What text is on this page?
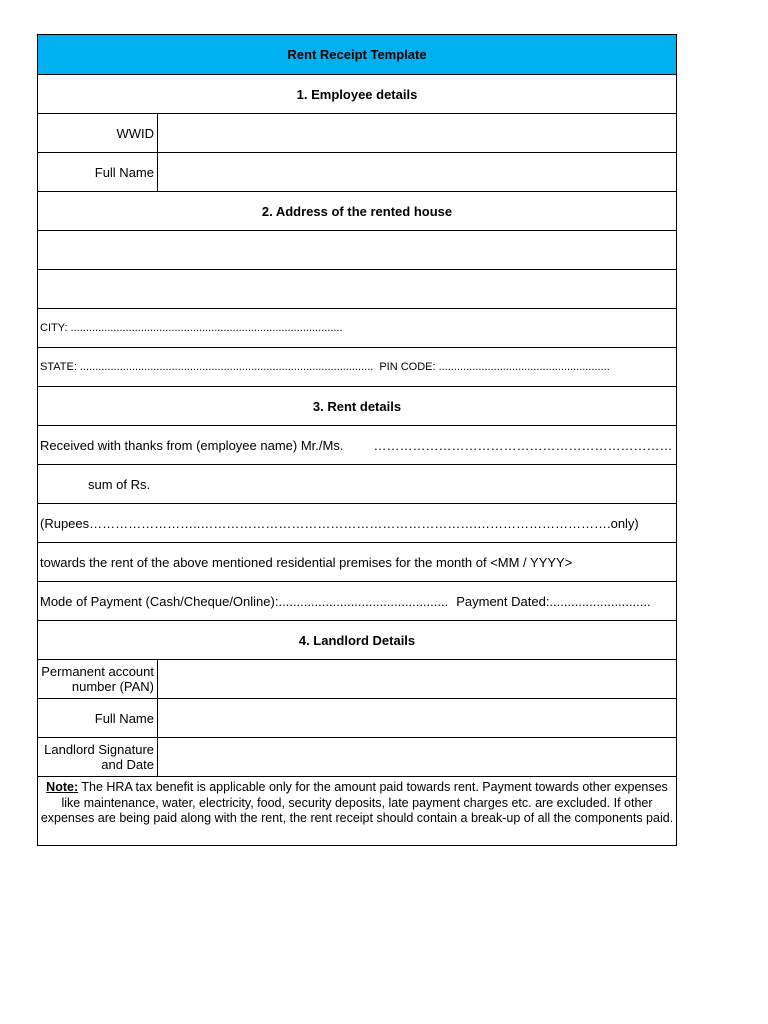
Rent Receipt Template
1. Employee details
WWID
Full Name
2. Address of the rented house
CITY: .........................................................................................
STATE: ................................................................................................ PIN CODE: ........................................................
3. Rent details
Received with thanks from (employee name) Mr./Ms. ……………………………………………………………
sum of Rs.
(Rupees……………………..……………………………………………………….………………………….only)
towards the rent of the above mentioned residential premises for the month of <MM / YYYY>
Mode of Payment (Cash/Cheque/Online):............................................... Payment Dated:............................
4. Landlord Details
Permanent account number (PAN)
Full Name
Landlord Signature and Date
Note: The HRA tax benefit is applicable only for the amount paid towards rent. Payment towards other expenses like maintenance, water, electricity, food, security deposits, late payment charges etc. are excluded. If other expenses are being paid along with the rent, the rent receipt should contain a break-up of all the components paid.
